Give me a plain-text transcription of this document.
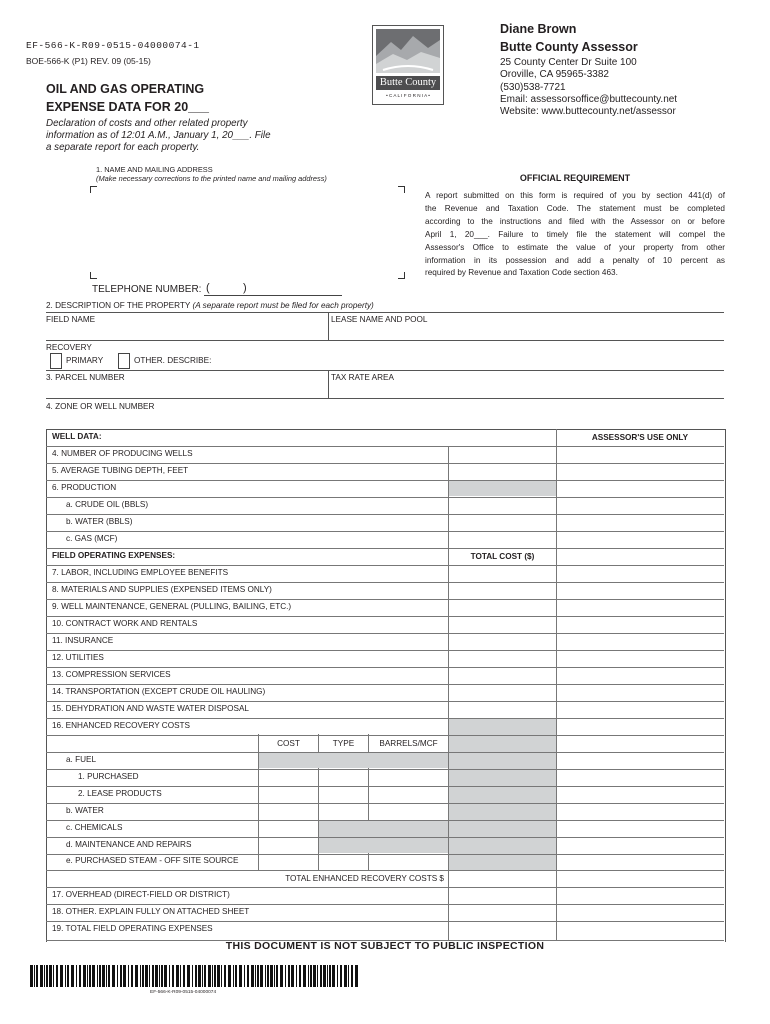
EF-566-K-R09-0515-04000074-1
BOE-566-K (P1) REV. 09 (05-15)
OIL AND GAS OPERATING
EXPENSE DATA FOR 20___
Declaration of costs and other related property
information as of 12:01 A.M., January 1, 20___. File
a separate report for each property.
Butte County
• C A L I F O R N I A •
Diane Brown
Butte County Assessor
25 County Center Dr Suite 100
Oroville, CA 95965-3382
(530)538-7721
Email: assessorsoffice@buttecounty.net
Website: www.buttecounty.net/assessor
1. NAME AND MAILING ADDRESS
(Make necessary corrections to the printed name and mailing address)
TELEPHONE NUMBER: (	)
OFFICIAL REQUIREMENT
A report submitted on this form is required of you by section 441(d) of
the Revenue and Taxation Code. The statement must be completed
according to the instructions and filed with the Assessor on or before
April 1, 20___. Failure to timely file the statement will compel the
Assessor's Office to estimate the value of your property from other
information in its possession and add a penalty of 10 percent as
required by Revenue and Taxation Code section 463.
2. DESCRIPTION OF THE PROPERTY (A separate report must be filed for each property)
FIELD NAME	LEASE NAME AND POOL
RECOVERY
PRIMARY	OTHER. DESCRIBE:
3. PARCEL NUMBER	TAX RATE AREA
4. ZONE OR WELL NUMBER
WELL DATA:	ASSESSOR'S USE ONLY
4. NUMBER OF PRODUCING WELLS
5. AVERAGE TUBING DEPTH, FEET
6. PRODUCTION
a. CRUDE OIL (BBLS)
b. WATER (BBLS)
c. GAS (MCF)
FIELD OPERATING EXPENSES:	TOTAL COST ($)
7. LABOR, INCLUDING EMPLOYEE BENEFITS
8. MATERIALS AND SUPPLIES (EXPENSED ITEMS ONLY)
9. WELL MAINTENANCE, GENERAL (PULLING, BAILING, ETC.)
10. CONTRACT WORK AND RENTALS
11. INSURANCE
12. UTILITIES
13. COMPRESSION SERVICES
14. TRANSPORTATION (EXCEPT CRUDE OIL HAULING)
15. DEHYDRATION AND WASTE WATER DISPOSAL
16. ENHANCED RECOVERY COSTS
COST	TYPE	BARRELS/MCF
a. FUEL
1. PURCHASED
2. LEASE PRODUCTS
b. WATER
c. CHEMICALS
d. MAINTENANCE AND REPAIRS
e. PURCHASED STEAM - OFF SITE SOURCE
TOTAL ENHANCED RECOVERY COSTS $
17. OVERHEAD (DIRECT-FIELD OR DISTRICT)
18. OTHER. EXPLAIN FULLY ON ATTACHED SHEET
19. TOTAL FIELD OPERATING EXPENSES
THIS DOCUMENT IS NOT SUBJECT TO PUBLIC INSPECTION
EF-566-K-R09-0515-04000074
